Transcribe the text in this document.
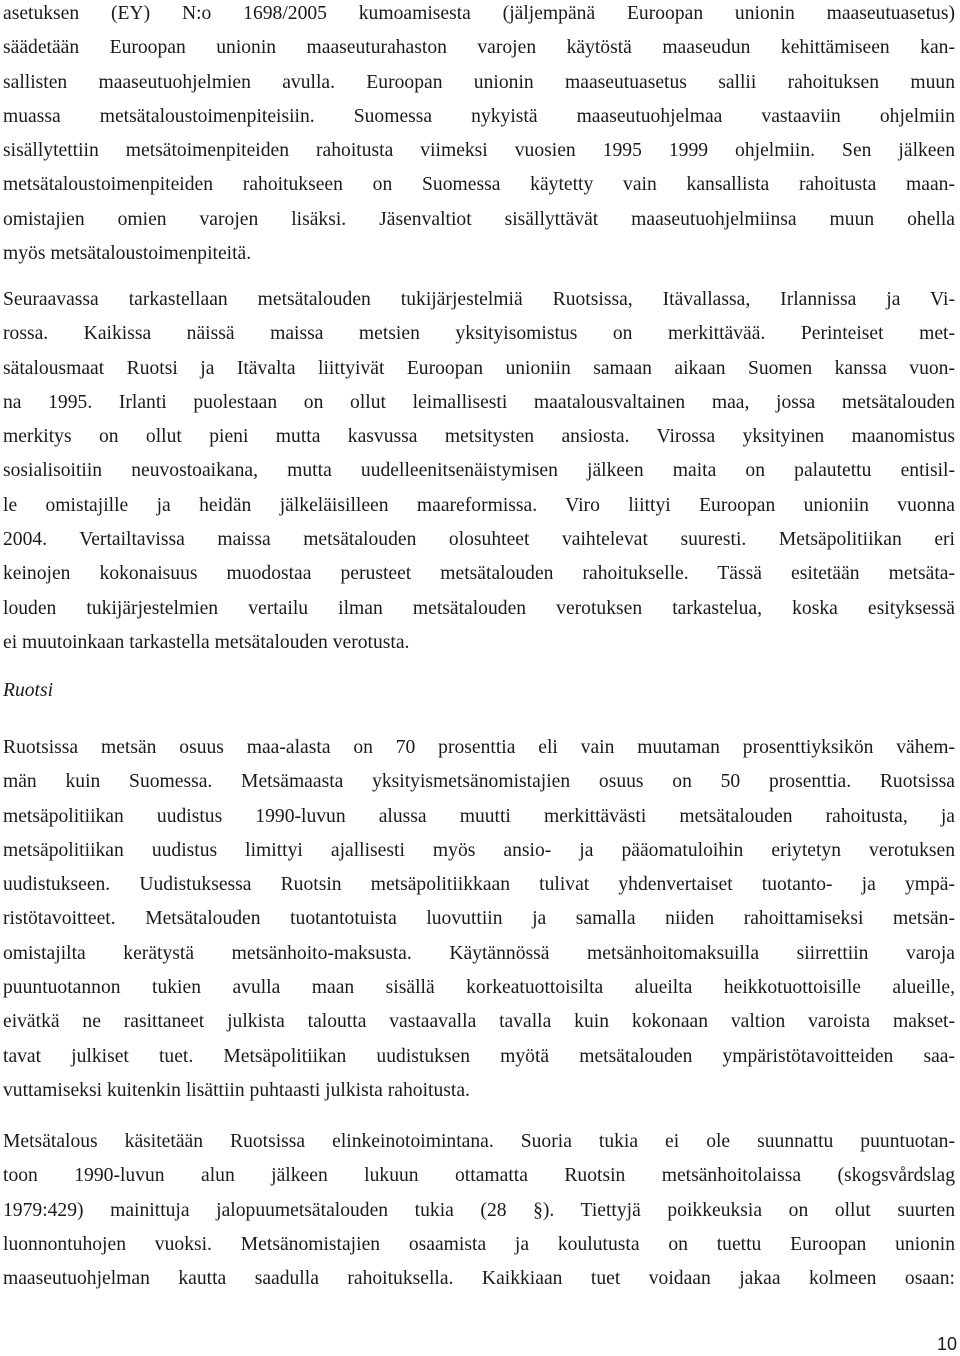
asetuksen (EY) N:o 1698/2005 kumoamisesta (jäljempänä Euroopan unionin maaseutuasetus)
säädetään Euroopan unionin maaseuturahaston varojen käytöstä maaseudun kehittämiseen kan-
sallisten maaseutuohjelmien avulla. Euroopan unionin maaseutuasetus sallii rahoituksen muun
muassa metsätaloustoimenpiteisiin. Suomessa nykyistä maaseutuohjelmaa vastaaviin ohjelmiin
sisällytettiin metsätoimenpiteiden rahoitusta viimeksi vuosien 1995 1999 ohjelmiin. Sen jälkeen
metsätaloustoimenpiteiden rahoitukseen on Suomessa käytetty vain kansallista rahoitusta maan-
omistajien omien varojen lisäksi. Jäsenvaltiot sisällyttävät maaseutuohjelmiinsa muun ohella
myös metsätaloustoimenpiteitä.
Seuraavassa tarkastellaan metsätalouden tukijärjestelmiä Ruotsissa, Itävallassa, Irlannissa ja Vi-
rossa. Kaikissa näissä maissa metsien yksityisomistus on merkittävää. Perinteiset met-
sätalousmaat Ruotsi ja Itävalta liittyivät Euroopan unioniin samaan aikaan Suomen kanssa vuon-
na 1995. Irlanti puolestaan on ollut leimallisesti maatalousvaltainen maa, jossa metsätalouden
merkitys on ollut pieni mutta kasvussa metsitysten ansiosta. Virossa yksityinen maanomistus
sosialisoitiin neuvostoaikana, mutta uudelleenitsenäistymisen jälkeen maita on palautettu entisil-
le omistajille ja heidän jälkeläisilleen maareformissa. Viro liittyi Euroopan unioniin vuonna
2004. Vertailtavissa maissa metsätalouden olosuhteet vaihtelevat suuresti. Metsäpolitiikan eri
keinojen kokonaisuus muodostaa perusteet metsätalouden rahoitukselle. Tässä esitetään metsäta-
louden tukijärjestelmien vertailu ilman metsätalouden verotuksen tarkastelua, koska esityksessä
ei muutoinkaan tarkastella metsätalouden verotusta.
Ruotsi
Ruotsissa metsän osuus maa-alasta on 70 prosenttia eli vain muutaman prosenttiyksikön vähem-
män kuin Suomessa. Metsämaasta yksityismetsänomistajien osuus on 50 prosenttia. Ruotsissa
metsäpolitiikan uudistus 1990-luvun alussa muutti merkittävästi metsätalouden rahoitusta, ja
metsäpolitiikan uudistus limittyi ajallisesti myös ansio- ja pääomatuloihin eriytetyn verotuksen
uudistukseen. Uudistuksessa Ruotsin metsäpolitiikkaan tulivat yhdenvertaiset tuotanto- ja ympä-
ristötavoitteet. Metsätalouden tuotantotuista luovuttiin ja samalla niiden rahoittamiseksi metsän-
omistajilta kerätystä metsänhoito-maksusta. Käytännössä metsänhoitomaksuilla siirrettiin varoja
puuntuotannon tukien avulla maan sisällä korkeatuottoisilta alueilta heikkotuottoisille alueille,
eivätkä ne rasittaneet julkista taloutta vastaavalla tavalla kuin kokonaan valtion varoista makset-
tavat julkiset tuet. Metsäpolitiikan uudistuksen myötä metsätalouden ympäristötavoitteiden saa-
vuttamiseksi kuitenkin lisättiin puhtaasti julkista rahoitusta.
Metsätalous käsitetään Ruotsissa elinkeinotoimintana. Suoria tukia ei ole suunnattu puuntuotan-
toon 1990-luvun alun jälkeen lukuun ottamatta Ruotsin metsänhoitolaissa (skogsvårdslag
1979:429) mainittuja jalopuumetsätalouden tukia (28 §). Tiettyjä poikkeuksia on ollut suurten
luonnontuhojen vuoksi. Metsänomistajien osaamista ja koulutusta on tuettu Euroopan unionin
maaseutuohjelman kautta saadulla rahoituksella. Kaikkiaan tuet voidaan jakaa kolmeen osaan:
10
